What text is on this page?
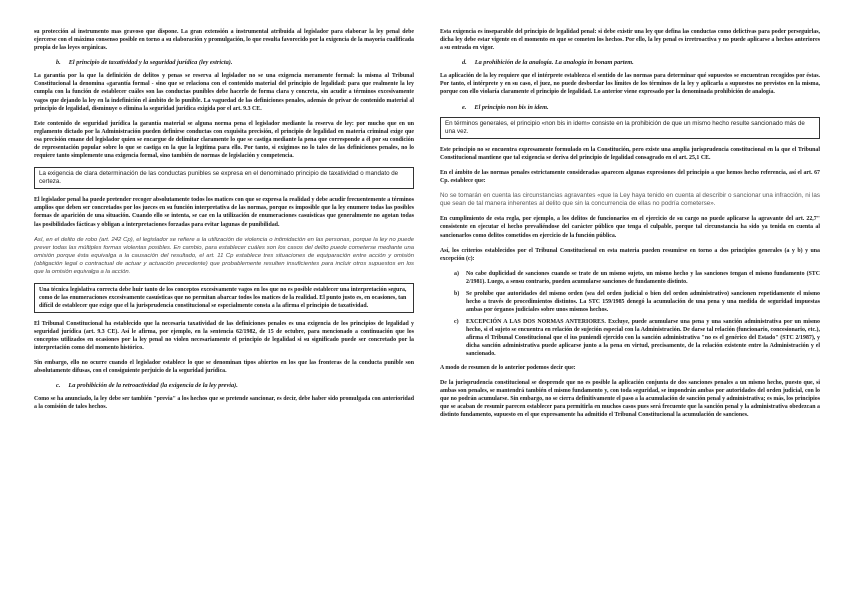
su protección al instrumento mas gravoso que dispone. La gran extensión a instrumental atribuida al legislador para elaborar la ley penal debe ejercerse con el máximo consenso posible en torno a su elaboración y promulgación, lo que resulta favorecido por la exigencia de la mayoría cualificada propia de las leyes orgánicas.

b. El principio de taxatividad y la seguridad jurídica (ley estricta).

La garantía por la que la definición de delitos y penas se reserva al legislador no se una exigencia meramente formal: la misma al Tribunal Constitucional la denomina «garantía formal - sino que se relaciona con el contenido material del principio de legalidad: para que realmente la ley cumpla con la función de establecer cuáles son las conductas punibles debe hacerlo de forma clara y concreta, sin acudir a términos excesivamente vagos que dejando la ley en la indefinición el ámbito de lo punible. La vaguedad de las definiciones penales, además de privar de contenido material al principio de legalidad, disminuye o elimina la seguridad jurídica exigida por el art. 9.3 CE.

Este contenido de seguridad jurídica la garantía material se alguna norma pena el legislador mediante la reserva de ley: por mucho que en un reglamento dictado por la Administración pueden definirse conductas con exquisita precisión, el principio de legalidad en materia criminal exige que esa precisión emane del legislador quien se encargue de delimitar claramente lo que se castiga mediante la pena que corresponde a él por su condición de representación popular sobre lo que se castiga en la que la legitima para ello. Por tanto, si exigimos no lo tales de las definiciones penales, no lo requiere tanto simplemente una exigencia formal, sino también de normas de legislación y competencia.

La exigencia de clara determinación de las conductas punibles se expresa en el denominado principio de taxatividad o mandato de certeza.

El legislador penal ha puede pretender recoger absolutamente todos los matices con que se expresa la realidad y debe acudir frecuentemente a términos amplios que deben ser concretados por los jueces en su función interpretativa de las normas, porque es imposible que la ley enumere todas las posibles formas de aparición de una situación. Cuando ello se intenta, se cae en la utilización de enumeraciones casuísticas que generalmente no agotan todas las posibilidades fácticas y obligan a interpretaciones forzadas para evitar lagunas de punibilidad.

Así, en el delito de robo (art. 242 Cp), el legislador se refiere a la utilización de violencia o intimidación en las personas, porque la ley no puede prever todas las múltiples formas violentas posibles. En cambio, para establecer cuáles son los casos del delito puede cometerse mediante una omisión porque ésta equivalga a la causación del resultado, el art. 11 Cp establece tres situaciones de equiparación entre acción y omisión (obligación legal o contractual de actuar y actuación precedente) que probablemente resulten insuficientes para incluir otros supuestos en los que la omisión equivalga a la acción.

Una técnica legislativa correcta debe huir tanto de los conceptos excesivamente vagos en los que no es posible establecer una interpretación segura, como de las enumeraciones excesivamente casuísticas que no permitan abarcar todos los matices de la realidad. El punto justo es, en ocasiones, tan difícil de establecer que exige que el la jurisprudencia constitucional se especialmente consta a la afirma el principio de taxatividad.

El Tribunal Constitucional ha establecido que la necesaria taxatividad de las definiciones penales es una exigencia de los principios de legalidad y seguridad jurídica (art. 9.3 CE). Así le afirma, por ejemplo, en la sentencia 62/1982, de 15 de octubre, para mencionado a continuación que los conceptos utilizados en ocasiones por la ley penal no violen necesariamente el principio de legalidad si su significado puede ser concretado por la interpretación como del momento histórico.

Sin embargo, ello no ocurre cuando el legislador establece lo que se denominan tipos abiertos en los que las fronteras de la conducta punible son absolutamente difusas, con el consiguiente perjuicio de la seguridad jurídica.

c. La prohibición de la retroactividad (la exigencia de la ley previa).

Como se ha anunciado, la ley debe ser también "previa" a los hechos que se pretende sancionar, es decir, debe haber sido promulgada con anterioridad a la comisión de tales hechos.

Esta exigencia es inseparable del principio de legalidad penal: si debe existir una ley que defina las conductas como delictivas para poder perseguirlas, dicha ley debe estar vigente en el momento en que se cometen los hechos. Por ello, la ley penal es irretroactiva y no puede aplicarse a hechos anteriores a su entrada en vigor.

d. La prohibición de la analogía. La analogía in bonam partem.

La aplicación de la ley requiere que el intérprete establezca el sentido de las normas para determinar qué supuestos se encuentran recogidos por éstas. Por tanto, el intérprete y en su caso, el juez, no puede desbordar los límites de los términos de la ley y aplicarla a supuestos no previstos en la misma, porque con ello violaría claramente el principio de legalidad. Lo anterior viene expresado por la denominada prohibición de analogía.

e. El principio non bis in idem.

En términos generales, el principio «non bis in idem» consiste en la prohibición de que un mismo hecho resulte sancionado más de una vez.

Este principio no se encuentra expresamente formulado en la Constitución, pero existe una amplia jurisprudencia constitucional en la que el Tribunal Constitucional mantiene que tal exigencia se deriva del principio de legalidad consagrado en el art. 25,1 CE.

En el ámbito de las normas penales estrictamente consideradas aparecen algunas expresiones del principio a que hemos hecho referencia, así el art. 67 Cp. establece que:

No se tomarán en cuenta las circunstancias agravantes «que la Ley haya tenido en cuenta al describir o sancionar una infracción, ni las que sean de tal manera inherentes al delito que sin la concurrencia de ellas no podría cometerse».

En cumplimiento de esta regla, por ejemplo, a los delitos de funcionarios en el ejercicio de su cargo no puede aplicarse la agravante del art. 22,7" consistente en ejecutar el hecho prevaliéndose del carácter público que tenga el culpable, porque tal circunstancia ha sido ya tenida en cuenta al sancionarlos como delitos cometidos en ejercicio de la función pública.

Así, los criterios establecidos por el Tribunal Constitucional en esta materia pueden resumirse en torno a dos principios generales (a y b) y una excepción (c):

a)	No cabe duplicidad de sanciones cuando se trate de un mismo sujeto, un mismo hecho y las sanciones tengan el mismo fundamento (STC 2/1981). Luego, a sensu contrario, pueden acumularse sanciones de fundamento distinto.
b)	Se prohíbe que autoridades del mismo orden (sea del orden judicial o bien del orden administrativo) sancionen repetidamente el mismo hecho a través de procedimientos distintos. La STC 159/1985 denegó la acumulación de una pena y una medida de seguridad impuestas ambas por órganos judiciales sobre unos mismos hechos.
c)	EXCEPCIÓN A LAS DOS NORMAS ANTERIORES. Excluye, puede acumularse una pena y una sanción administrativa por un mismo hecho, si el sujeto se encuentra en relación de sujeción especial con la Administración. De darse tal relación (funcionario, concesionario, etc.), afirma el Tribunal Constitucional que el ius puniendi ejercido con la sanción administrativa "no es el genérico del Estado" (STC 2/1987), y dicha sanción administrativa puede aplicarse junto a la pena en virtud, precisamente, de la relación existente entre la Administración y el sancionado.

A modo de resumen de lo anterior podemos decir que:

De la jurisprudencia constitucional se desprende que no es posible la aplicación conjunta de dos sanciones penales a un mismo hecho, puesto que, si ambas son penales, se mantendrá también el mismo fundamento y, con toda seguridad, se impondrán ambas por autoridades del orden judicial, con lo que no podrán acumularse. Sin embargo, no se cierra definitivamente el paso a la acumulación de sanción penal y administrativa; es más, los principios que se acaban de resumir parecen establecer para permitirla en muchos casos pues será frecuente que la sanción penal y la administrativa obedezcan a distinto fundamento, supuesto en el que expresamente ha admitido el Tribunal Constitucional la acumulación de sanciones.
